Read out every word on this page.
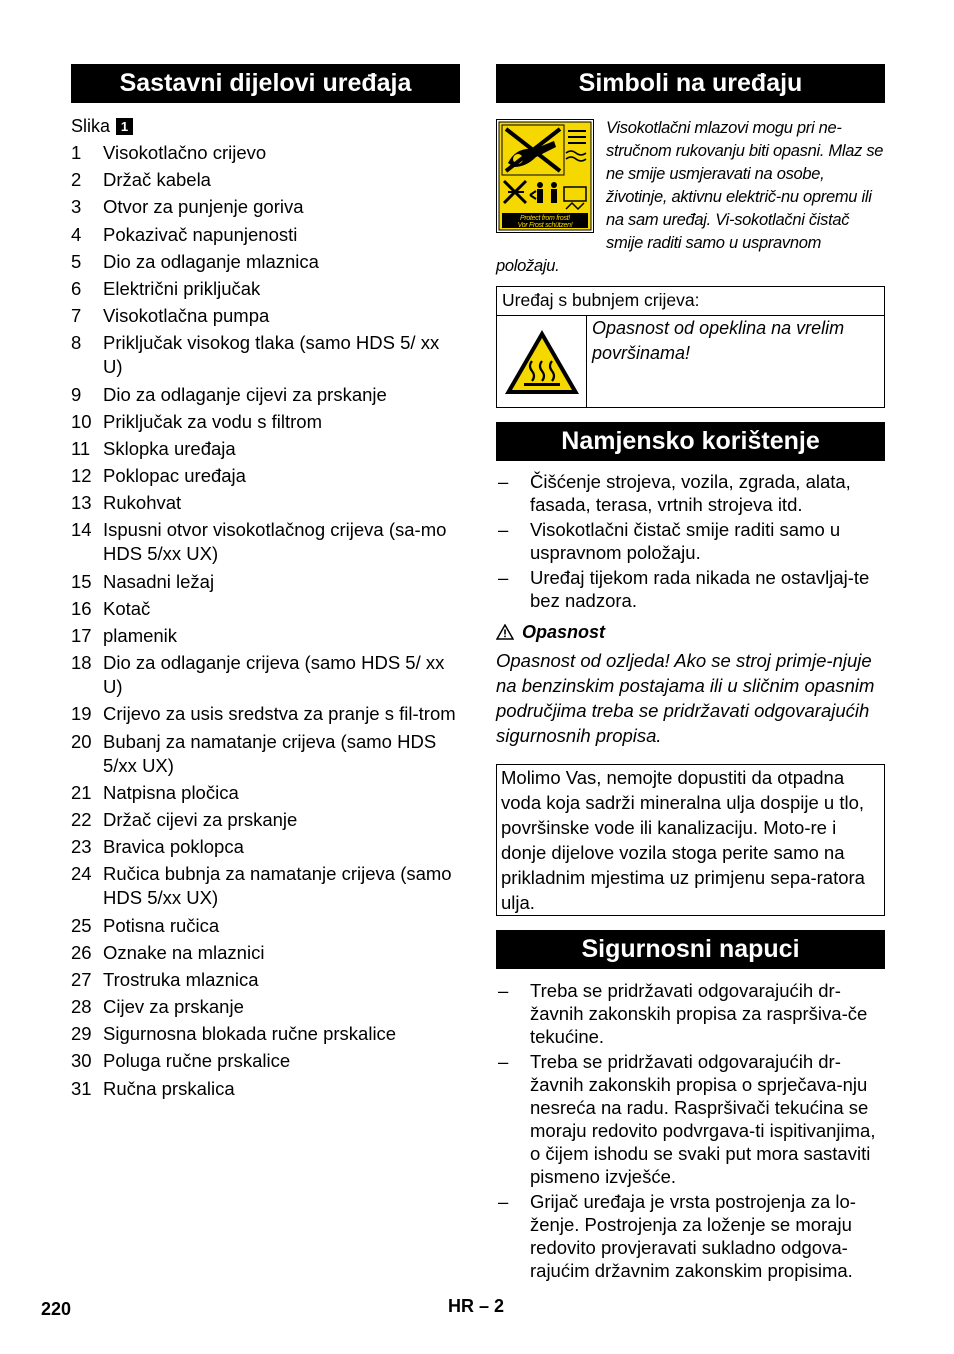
Sastavni dijelovi uređaja
Slika 1
1	Visokotlačno crijevo
2	Držač kabela
3	Otvor za punjenje goriva
4	Pokazivač napunjenosti
5	Dio za odlaganje mlaznica
6	Električni priključak
7	Visokotlačna pumpa
8	Priključak visokog tlaka (samo HDS 5/ xx U)
9	Dio za odlaganje cijevi za prskanje
10 Priključak za vodu s filtrom
11 Sklopka uređaja
12 Poklopac uređaja
13 Rukohvat
14 Ispusni otvor visokotlačnog crijeva (sa-mo HDS 5/xx UX)
15 Nasadni ležaj
16 Kotač
17 plamenik
18 Dio za odlaganje crijeva (samo HDS 5/ xx U)
19 Crijevo za usis sredstva za pranje s fil-trom
20 Bubanj za namatanje crijeva (samo HDS 5/xx UX)
21 Natpisna pločica
22 Držač cijevi za prskanje
23 Bravica poklopca
24 Ručica bubnja za namatanje crijeva (samo HDS 5/xx UX)
25 Potisna ručica
26 Oznake na mlaznici
27 Trostruka mlaznica
28 Cijev za prskanje
29 Sigurnosna blokada ručne prskalice
30 Poluga ručne prskalice
31 Ručna prskalica
Simboli na uređaju
Protect from frost!
Vor Frost schützen!
Visokotlačni mlazovi mogu pri ne-stručnom rukovanju biti opasni. Mlaz se ne smije usmjeravati na osobe, životinje, aktivnu električ-nu opremu ili na sam uređaj. Vi-sokotlačni čistač smije raditi samo u uspravnom položaju.
Uređaj s bubnjem crijeva:
Opasnost od opeklina na vrelim površinama!
Namjensko korištenje
–	Čišćenje strojeva, vozila, zgrada, alata, fasada, terasa, vrtnih strojeva itd.
–	Visokotlačni čistač smije raditi samo u uspravnom položaju.
–	Uređaj tijekom rada nikada ne ostavljaj-te bez nadzora.
Opasnost
Opasnost od ozljeda! Ako se stroj primje-njuje na benzinskim postajama ili u sličnim opasnim područjima treba se pridržavati odgovarajućih sigurnosnih propisa.
Molimo Vas, nemojte dopustiti da otpadna voda koja sadrži mineralna ulja dospije u tlo, površinske vode ili kanalizaciju. Moto-re i donje dijelove vozila stoga perite samo na prikladnim mjestima uz primjenu sepa-ratora ulja.
Sigurnosni napuci
–	Treba se pridržavati odgovarajućih dr-žavnih zakonskih propisa za raspršiva-če tekućine.
–	Treba se pridržavati odgovarajućih dr-žavnih zakonskih propisa o sprječava-nju nesreća na radu. Raspršivači tekućina se moraju redovito podvrgava-ti ispitivanjima, o čijem ishodu se svaki put mora sastaviti pismeno izvješće.
–	Grijač uređaja je vrsta postrojenja za lo-ženje. Postrojenja za loženje se moraju redovito provjeravati sukladno odgova-rajućim državnim zakonskim propisima.
220	HR – 2
